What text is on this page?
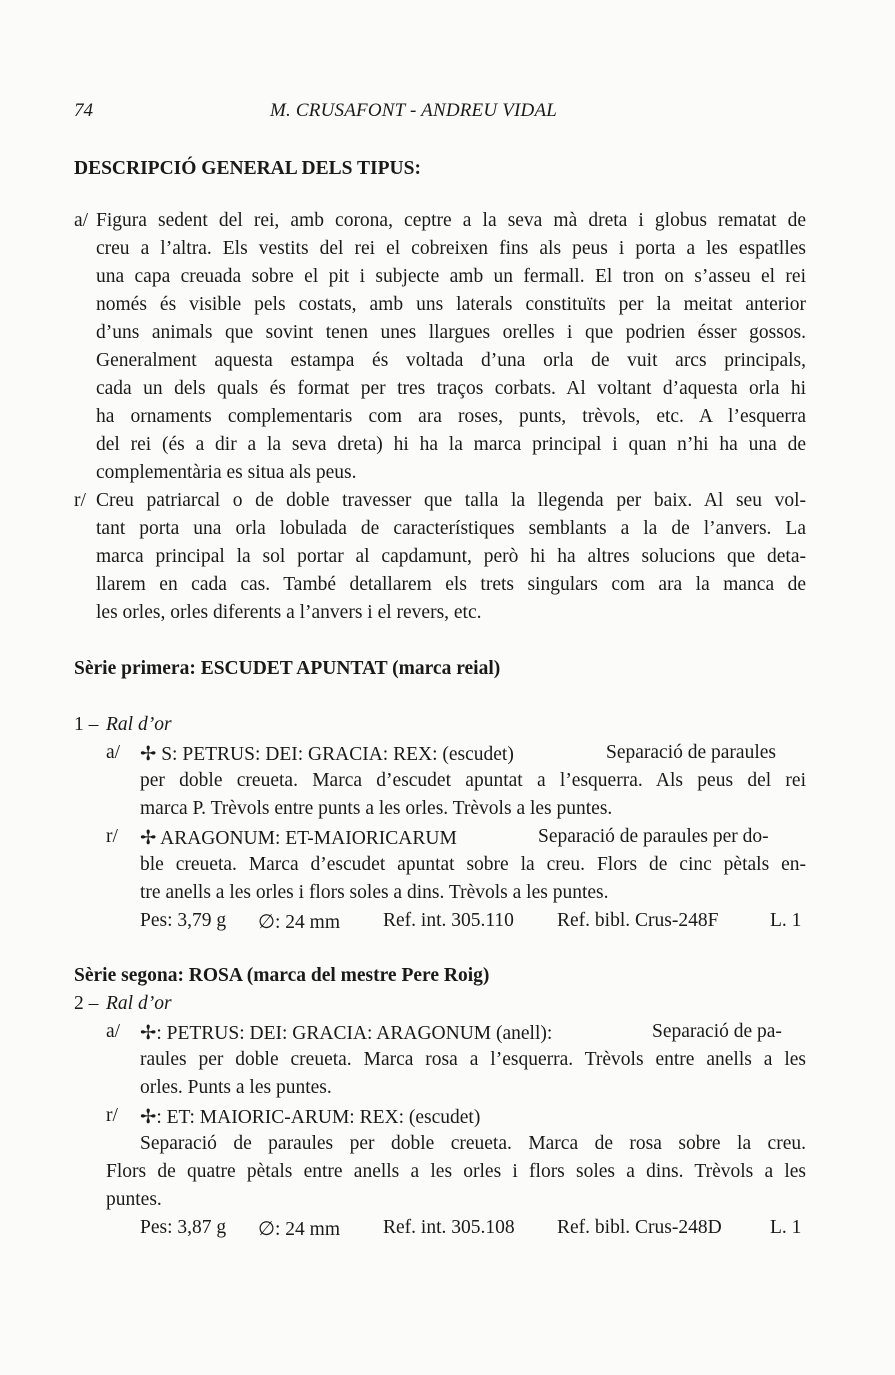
74	M. CRUSAFONT - ANDREU VIDAL
DESCRIPCIÓ GENERAL DELS TIPUS:
a/ Figura sedent del rei, amb corona, ceptre a la seva mà dreta i globus rematat de
creu a l’altra. Els vestits del rei el cobreixen fins als peus i porta a les espatlles
una capa creuada sobre el pit i subjecte amb un fermall. El tron on s’asseu el rei
només és visible pels costats, amb uns laterals constituïts per la meitat anterior
d’uns animals que sovint tenen unes llargues orelles i que podrien ésser gossos.
Generalment aquesta estampa és voltada d’una orla de vuit arcs principals,
cada un dels quals és format per tres traços corbats. Al voltant d’aquesta orla hi
ha ornaments complementaris com ara roses, punts, trèvols, etc. A l’esquerra
del rei (és a dir a la seva dreta) hi ha la marca principal i quan n’hi ha una de
complementària es situa als peus.
r/ Creu patriarcal o de doble travesser que talla la llegenda per baix. Al seu vol-
tant porta una orla lobulada de característiques semblants a la de l’anvers. La
marca principal la sol portar al capdamunt, però hi ha altres solucions que deta-
llarem en cada cas. També detallarem els trets singulars com ara la manca de
les orles, orles diferents a l’anvers i el revers, etc.
Sèrie primera: ESCUDET APUNTAT (marca reial)
1 – Ral d’or
a/ ✢ S: PETRUS: DEI: GRACIA: REX: (escudet)	Separació de paraules
per doble creueta. Marca d’escudet apuntat a l’esquerra. Als peus del rei
marca P. Trèvols entre punts a les orles. Trèvols a les puntes.
r/ ✢ ARAGONUM: ET-MAIORICARUM	Separació de paraules per do-
ble creueta. Marca d’escudet apuntat sobre la creu. Flors de cinc pètals en-
tre anells a les orles i flors soles a dins. Trèvols a les puntes.
Pes: 3,79 g ∅: 24 mm Ref. int. 305.110 Ref. bibl. Crus-248F	L. 1
Sèrie segona: ROSA (marca del mestre Pere Roig)
2 – Ral d’or
a/ ✢: PETRUS: DEI: GRACIA: ARAGONUM (anell):	Separació de pa-
raules per doble creueta. Marca rosa a l’esquerra. Trèvols entre anells a les
orles. Punts a les puntes.
r/ ✢: ET: MAIORIC-ARUM: REX: (escudet)
Separació de paraules per doble creueta. Marca de rosa sobre la creu.
Flors de quatre pètals entre anells a les orles i flors soles a dins. Trèvols a les
puntes.
Pes: 3,87 g ∅: 24 mm Ref. int. 305.108 Ref. bibl. Crus-248D L. 1
